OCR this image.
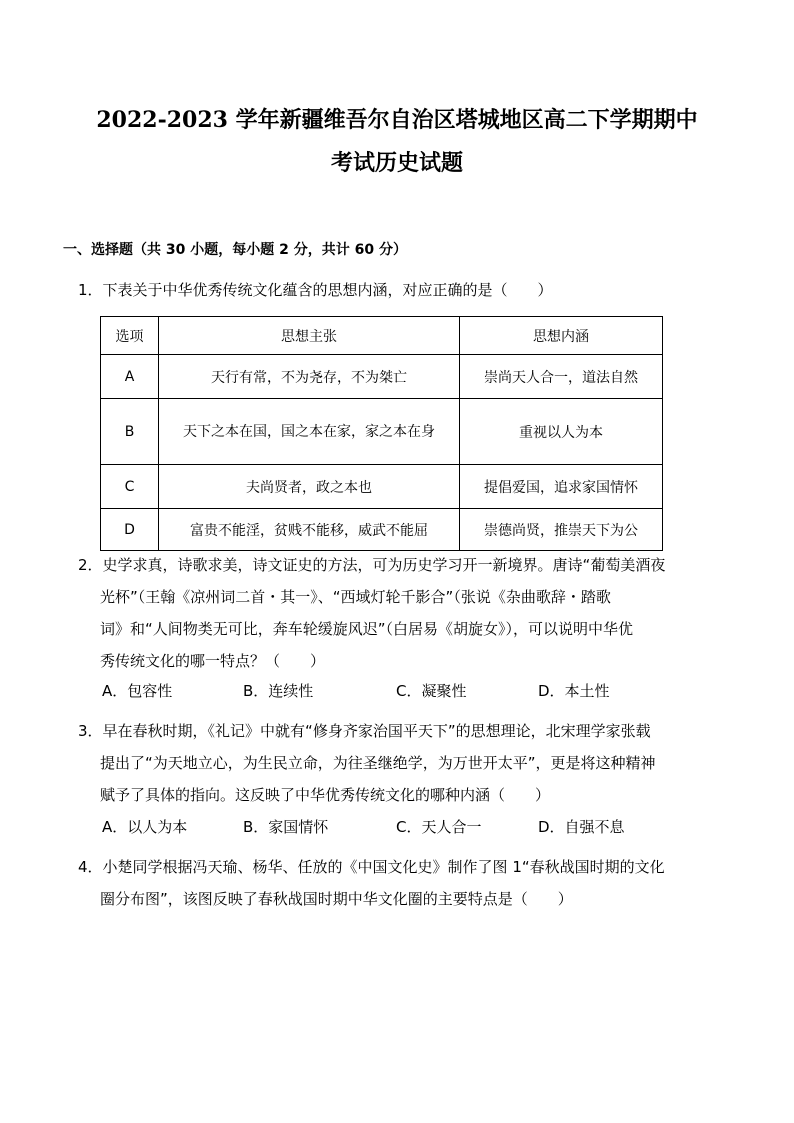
2022-2023 学年新疆维吾尔自治区塔城地区高二下学期期中
考试历史试题
一、选择题（共 30 小题，每小题 2 分，共计 60 分）
1．下表关于中华优秀传统文化蕴含的思想内涵，对应正确的是（　　）
选项	思想主张	思想内涵
A	天行有常，不为尧存，不为桀亡	崇尚天人合一，道法自然
B	天下之本在国，国之本在家，家之本在身	重视以人为本
C	夫尚贤者，政之本也	提倡爱国，追求家国情怀
D	富贵不能淫，贫贱不能移，威武不能屈	崇德尚贤，推崇天下为公
2．史学求真，诗歌求美，诗文证史的方法，可为历史学习开一新境界。唐诗“葡萄美酒夜
光杯”（王翰《凉州词二首・其一》、“西域灯轮千影合”（张说《杂曲歌辞・踏歌
词》和“人间物类无可比，奔车轮缓旋风迟”（白居易《胡旋女》），可以说明中华优
秀传统文化的哪一特点？（　　）
A．包容性	B．连续性	C．凝聚性	D．本土性
3．早在春秋时期，《礼记》中就有“修身齐家治国平天下”的思想理论，北宋理学家张载
提出了“为天地立心，为生民立命，为往圣继绝学，为万世开太平”，更是将这种精神
赋予了具体的指向。这反映了中华优秀传统文化的哪种内涵（　　）
A．以人为本	B．家国情怀	C．天人合一	D．自强不息
4．小楚同学根据冯天瑜、杨华、任放的《中国文化史》制作了图 1“春秋战国时期的文化
圈分布图”，该图反映了春秋战国时期中华文化圈的主要特点是（　　）
